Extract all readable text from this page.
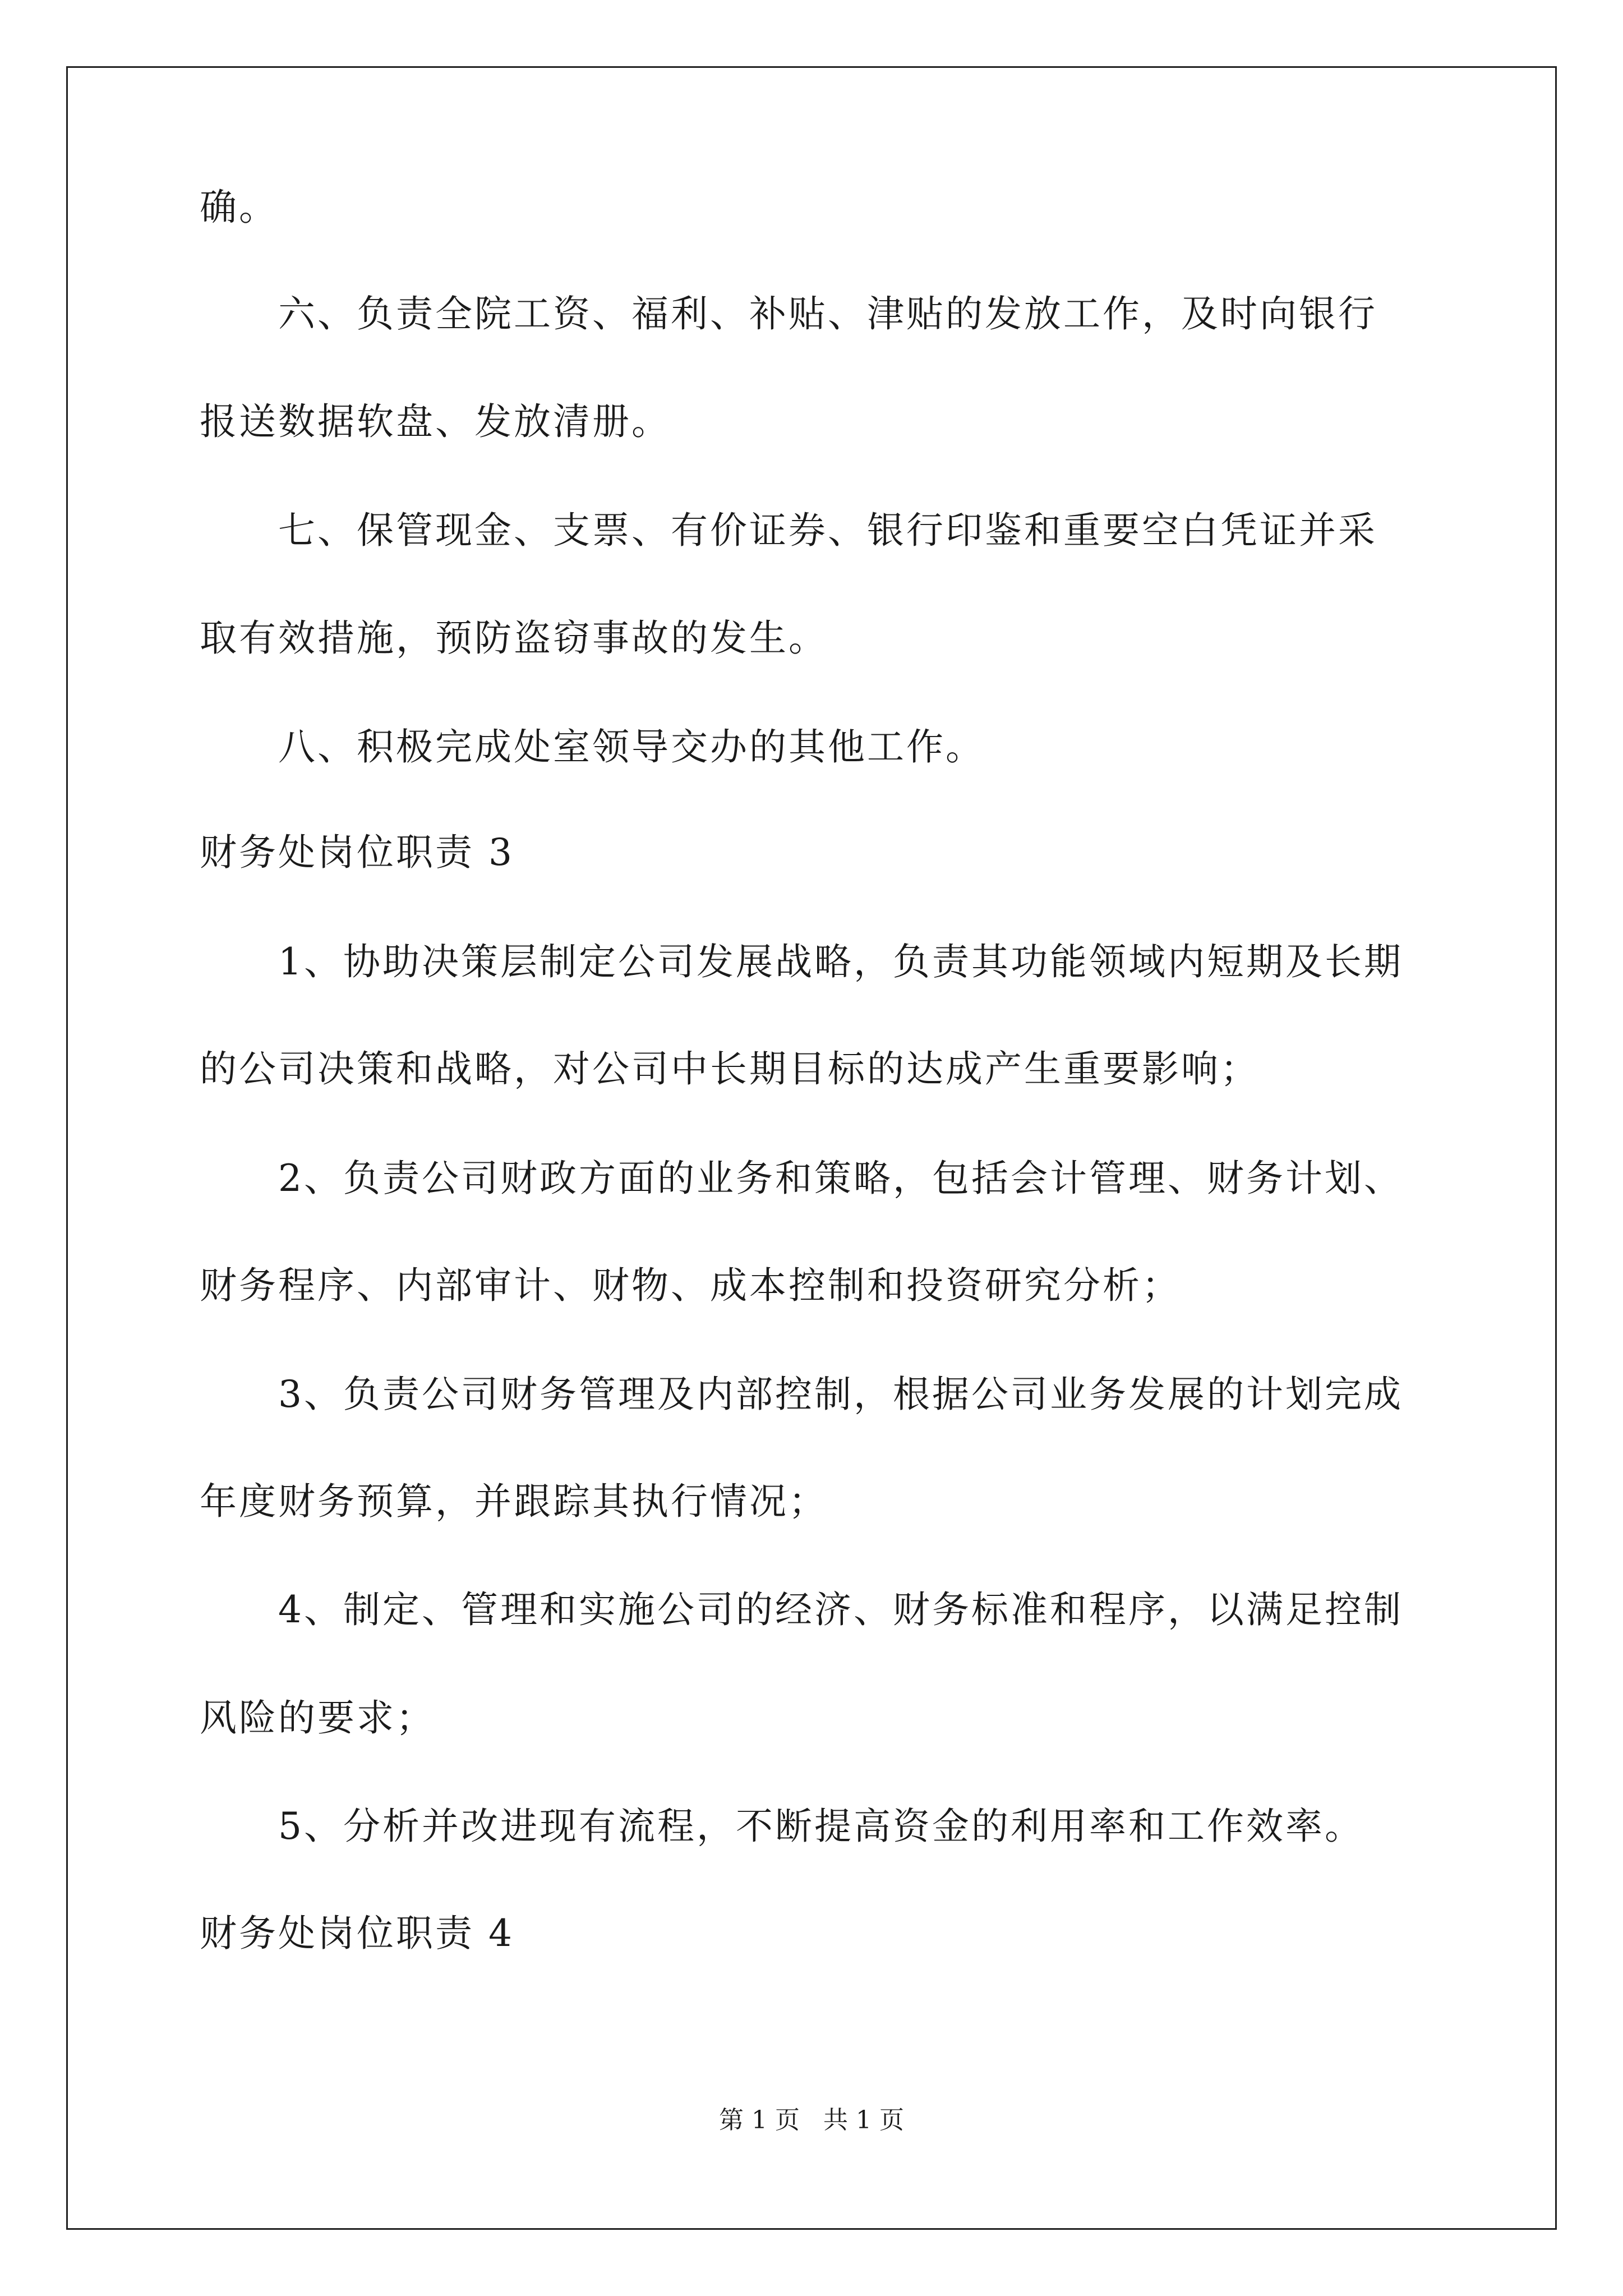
确。
六、负责全院工资、福利、补贴、津贴的发放工作，及时向银行
报送数据软盘、发放清册。
七、保管现金、支票、有价证券、银行印鉴和重要空白凭证并采
取有效措施，预防盗窃事故的发生。
八、积极完成处室领导交办的其他工作。
财务处岗位职责 3
1、协助决策层制定公司发展战略，负责其功能领域内短期及长期
的公司决策和战略，对公司中长期目标的达成产生重要影响；
2、负责公司财政方面的业务和策略，包括会计管理、财务计划、
财务程序、内部审计、财物、成本控制和投资研究分析；
3、负责公司财务管理及内部控制，根据公司业务发展的计划完成
年度财务预算，并跟踪其执行情况；
4、制定、管理和实施公司的经济、财务标准和程序，以满足控制
风险的要求；
5、分析并改进现有流程，不断提高资金的利用率和工作效率。
财务处岗位职责 4
第 1 页   共 1 页
